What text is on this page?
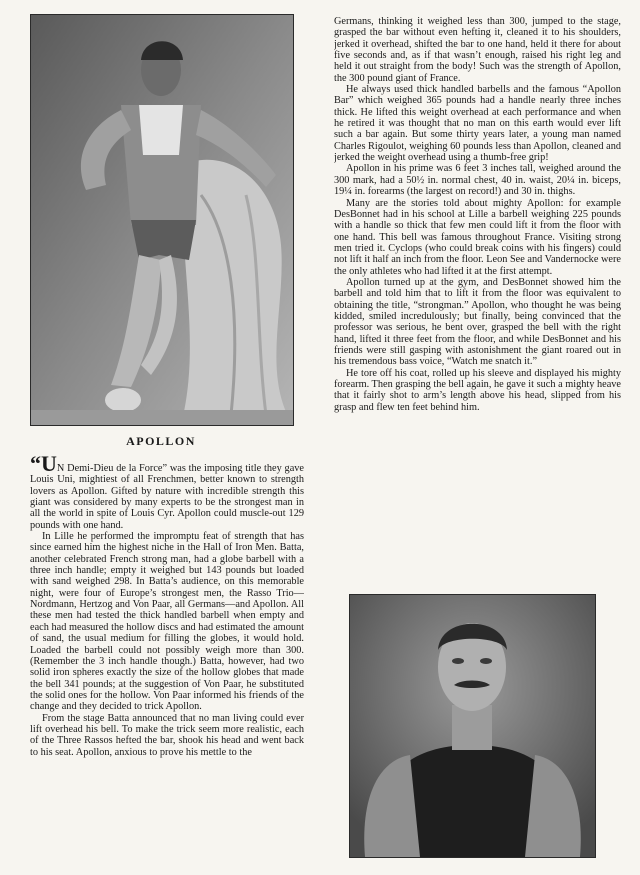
APOLLON

“UN Demi-Dieu de la Force” was the imposing title they gave Louis Uni, mightiest of all Frenchmen, better known to strength lovers as Apollon. Gifted by nature with incredible strength this giant was considered by many experts to be the strongest man in all the world in spite of Louis Cyr. Apollon could muscle-out 129 pounds with one hand.

In Lille he performed the impromptu feat of strength that has since earned him the highest niche in the Hall of Iron Men. Batta, another celebrated French strong man, had a globe barbell with a three inch handle; empty it weighed but 143 pounds but loaded with sand weighed 298. In Batta’s audience, on this memorable night, were four of Europe’s strongest men, the Rasso Trio—Nordmann, Hertzog and Von Paar, all Germans—and Apollon. All these men had tested the thick handled barbell when empty and each had measured the hollow discs and had estimated the amount of sand, the usual medium for filling the globes, it would hold. Loaded the barbell could not possibly weigh more than 300. (Remember the 3 inch handle though.) Batta, however, had two solid iron spheres exactly the size of the hollow globes that made the bell 341 pounds; at the suggestion of Von Paar, he substituted the solid ones for the hollow. Von Paar informed his friends of the change and they decided to trick Apollon.

From the stage Batta announced that no man living could ever lift overhead his bell. To make the trick seem more realistic, each of the Three Rassos hefted the bar, shook his head and went back to his seat. Apollon, anxious to prove his mettle to the

Germans, thinking it weighed less than 300, jumped to the stage, grasped the bar without even hefting it, cleaned it to his shoulders, jerked it overhead, shifted the bar to one hand, held it there for about five seconds and, as if that wasn’t enough, raised his right leg and held it out straight from the body! Such was the strength of Apollon, the 300 pound giant of France.

He always used thick handled barbells and the famous “Apollon Bar” which weighed 365 pounds had a handle nearly three inches thick. He lifted this weight overhead at each performance and when he retired it was thought that no man on this earth would ever lift such a bar again. But some thirty years later, a young man named Charles Rigoulot, weighing 60 pounds less than Apollon, cleaned and jerked the weight overhead using a thumb-free grip!

Apollon in his prime was 6 feet 3 inches tall, weighed around the 300 mark, had a 50½ in. normal chest, 40 in. waist, 20¼ in. biceps, 19¼ in. forearms (the largest on record!) and 30 in. thighs.

Many are the stories told about mighty Apollon: for example DesBonnet had in his school at Lille a barbell weighing 225 pounds with a handle so thick that few men could lift it from the floor with one hand. This bell was famous throughout France. Visiting strong men tried it. Cyclops (who could break coins with his fingers) could not lift it half an inch from the floor. Leon See and Vandernocke were the only athletes who had lifted it at the first attempt.

Apollon turned up at the gym, and DesBonnet showed him the barbell and told him that to lift it from the floor was equivalent to obtaining the title, “strongman.” Apollon, who thought he was being kidded, smiled incredulously; but finally, being convinced that the professor was serious, he bent over, grasped the bell with the right hand, lifted it three feet from the floor, and while DesBonnet and his friends were still gasping with astonishment the giant roared out in his tremendous bass voice, “Watch me snatch it.”

He tore off his coat, rolled up his sleeve and displayed his mighty forearm. Then grasping the bell again, he gave it such a mighty heave that it fairly shot to arm’s length above his head, slipped from his grasp and flew ten feet behind him.
